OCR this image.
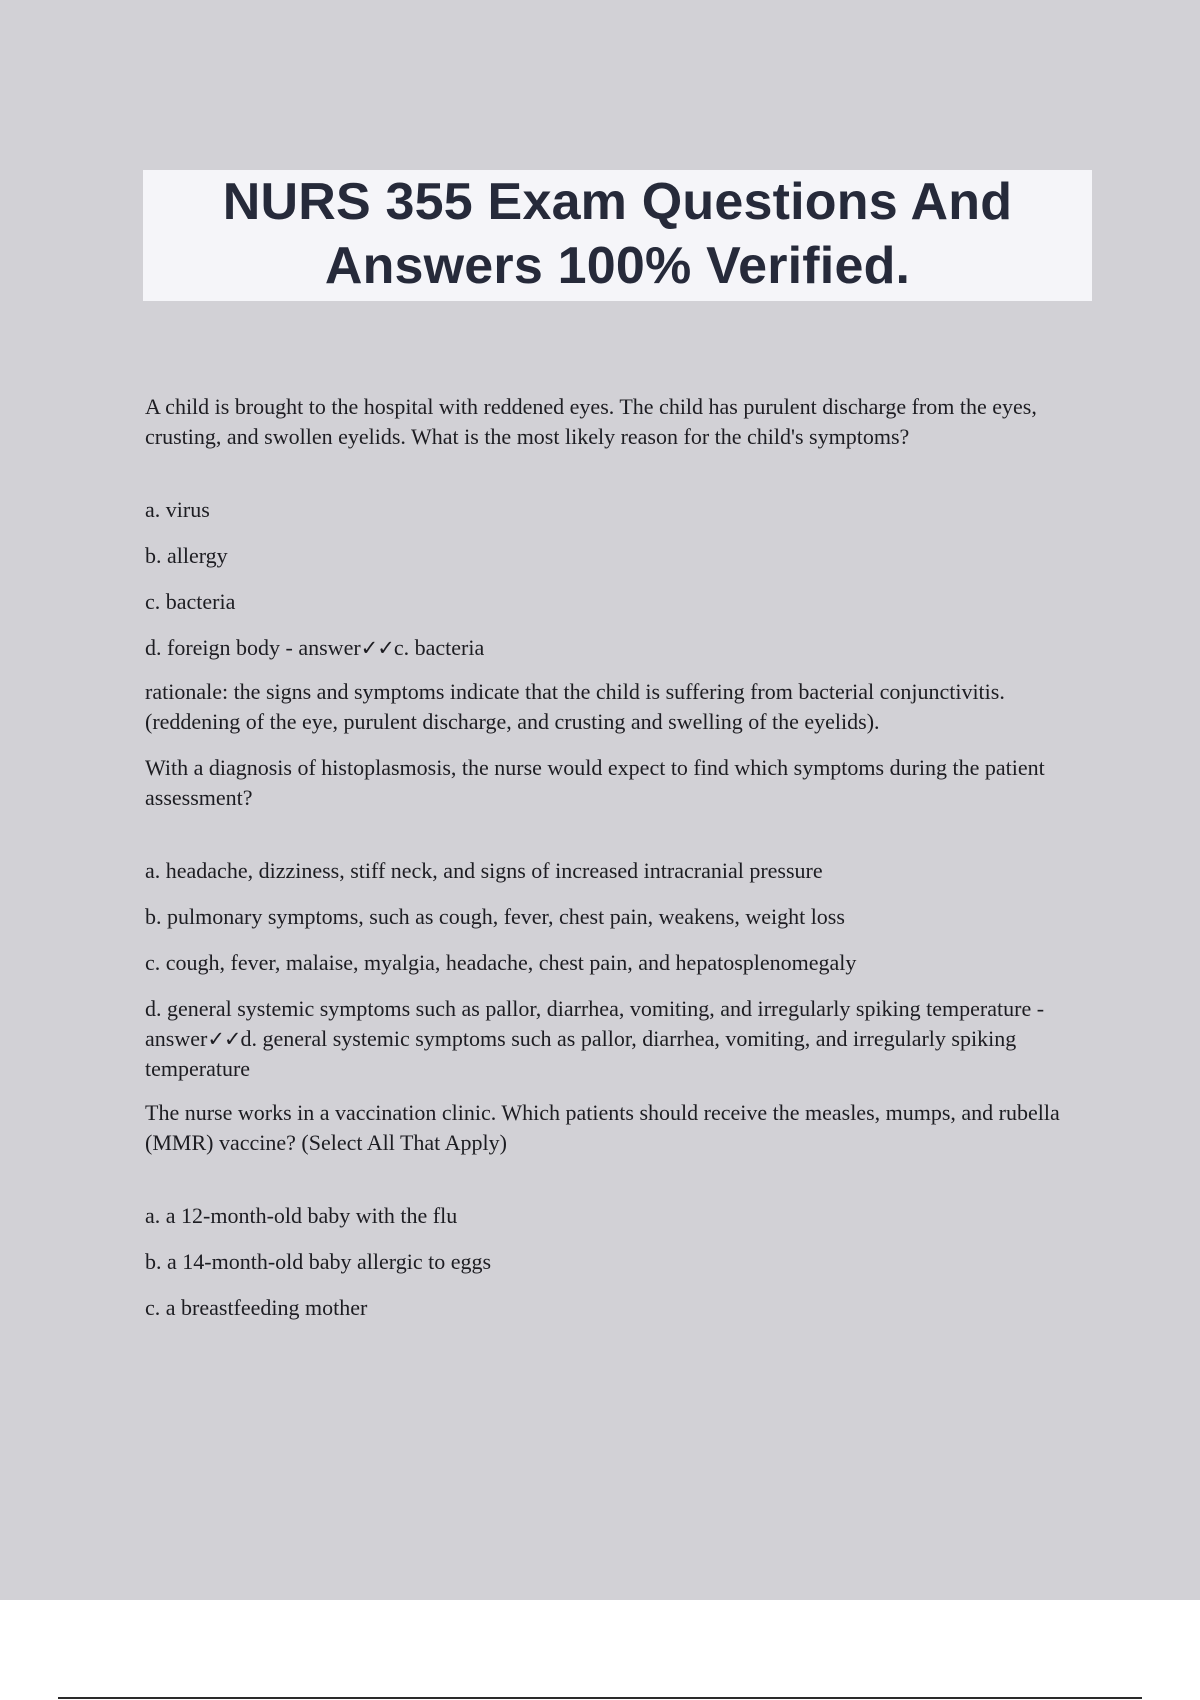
NURS 355 Exam Questions And
Answers 100% Verified.

A child is brought to the hospital with reddened eyes. The child has purulent discharge from the eyes, crusting, and swollen eyelids. What is the most likely reason for the child's symptoms?

a. virus

b. allergy

c. bacteria

d. foreign body - answer✓✓c. bacteria

rationale: the signs and symptoms indicate that the child is suffering from bacterial conjunctivitis. (reddening of the eye, purulent discharge, and crusting and swelling of the eyelids).

With a diagnosis of histoplasmosis, the nurse would expect to find which symptoms during the patient assessment?

a. headache, dizziness, stiff neck, and signs of increased intracranial pressure

b. pulmonary symptoms, such as cough, fever, chest pain, weakens, weight loss

c. cough, fever, malaise, myalgia, headache, chest pain, and hepatosplenomegaly

d. general systemic symptoms such as pallor, diarrhea, vomiting, and irregularly spiking temperature - answer✓✓d. general systemic symptoms such as pallor, diarrhea, vomiting, and irregularly spiking temperature

The nurse works in a vaccination clinic. Which patients should receive the measles, mumps, and rubella (MMR) vaccine? (Select All That Apply)

a. a 12-month-old baby with the flu

b. a 14-month-old baby allergic to eggs

c. a breastfeeding mother
